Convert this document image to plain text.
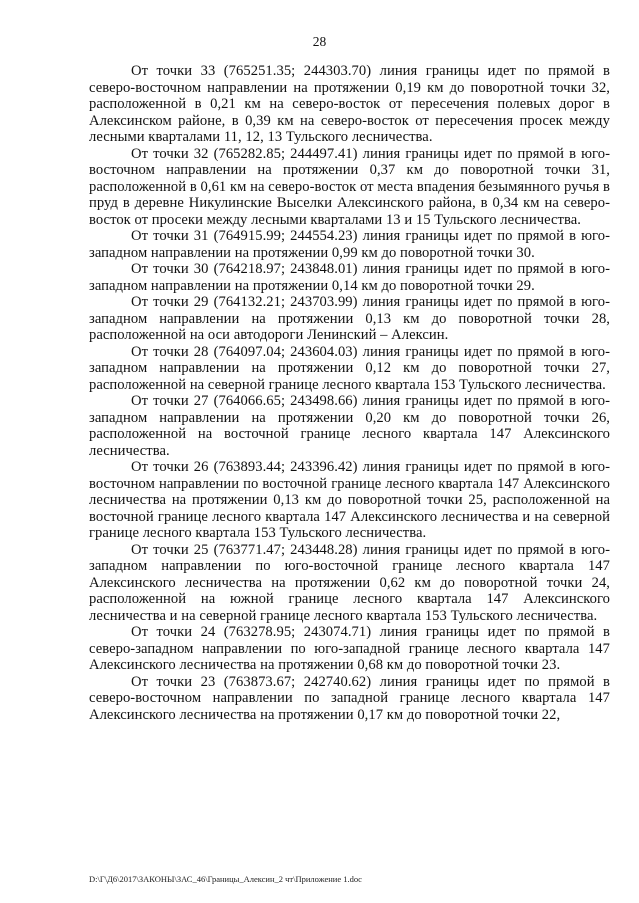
28

От точки 33 (765251.35; 244303.70) линия границы идет по прямой в северо-восточном направлении на протяжении 0,19 км до поворотной точки 32, расположенной в 0,21 км на северо-восток от пересечения полевых дорог в Алексинском районе, в 0,39 км на северо-восток от пересечения просек между лесными кварталами 11, 12, 13 Тульского лесничества.

От точки 32 (765282.85; 244497.41) линия границы идет по прямой в юго-восточном направлении на протяжении 0,37 км до поворотной точки 31, расположенной в 0,61 км на северо-восток от места впадения безымянного ручья в пруд в деревне Никулинские Выселки Алексинского района, в 0,34 км на северо-восток от просеки между лесными кварталами 13 и 15 Тульского лесничества.

От точки 31 (764915.99; 244554.23) линия границы идет по прямой в юго-западном направлении на протяжении 0,99 км до поворотной точки 30.

От точки 30 (764218.97; 243848.01) линия границы идет по прямой в юго-западном направлении на протяжении 0,14 км до поворотной точки 29.

От точки 29 (764132.21; 243703.99) линия границы идет по прямой в юго-западном направлении на протяжении 0,13 км до поворотной точки 28, расположенной на оси автодороги Ленинский – Алексин.

От точки 28 (764097.04; 243604.03) линия границы идет по прямой в юго-западном направлении на протяжении 0,12 км до поворотной точки 27, расположенной на северной границе лесного квартала 153 Тульского лесничества.

От точки 27 (764066.65; 243498.66) линия границы идет по прямой в юго-западном направлении на протяжении 0,20 км до поворотной точки 26, расположенной на восточной границе лесного квартала 147 Алексинского лесничества.

От точки 26 (763893.44; 243396.42) линия границы идет по прямой в юго-восточном направлении по восточной границе лесного квартала 147 Алексинского лесничества на протяжении 0,13 км до поворотной точки 25, расположенной на восточной границе лесного квартала 147 Алексинского лесничества и на северной границе лесного квартала 153 Тульского лесничества.

От точки 25 (763771.47; 243448.28) линия границы идет по прямой в юго-западном направлении по юго-восточной границе лесного квартала 147 Алексинского лесничества на протяжении 0,62 км до поворотной точки 24, расположенной на южной границе лесного квартала 147 Алексинского лесничества и на северной границе лесного квартала 153 Тульского лесничества.

От точки 24 (763278.95; 243074.71) линия границы идет по прямой в северо-западном направлении по юго-западной границе лесного квартала 147 Алексинского лесничества на протяжении 0,68 км до поворотной точки 23.

От точки 23 (763873.67; 242740.62) линия границы идет по прямой в северо-восточном направлении по западной границе лесного квартала 147 Алексинского лесничества на протяжении 0,17 км до поворотной точки 22,

D:\Г\Д6\2017\ЗАКОНЫ\ЗАС_46\Границы_Алексин_2 чт\Приложение 1.doc
